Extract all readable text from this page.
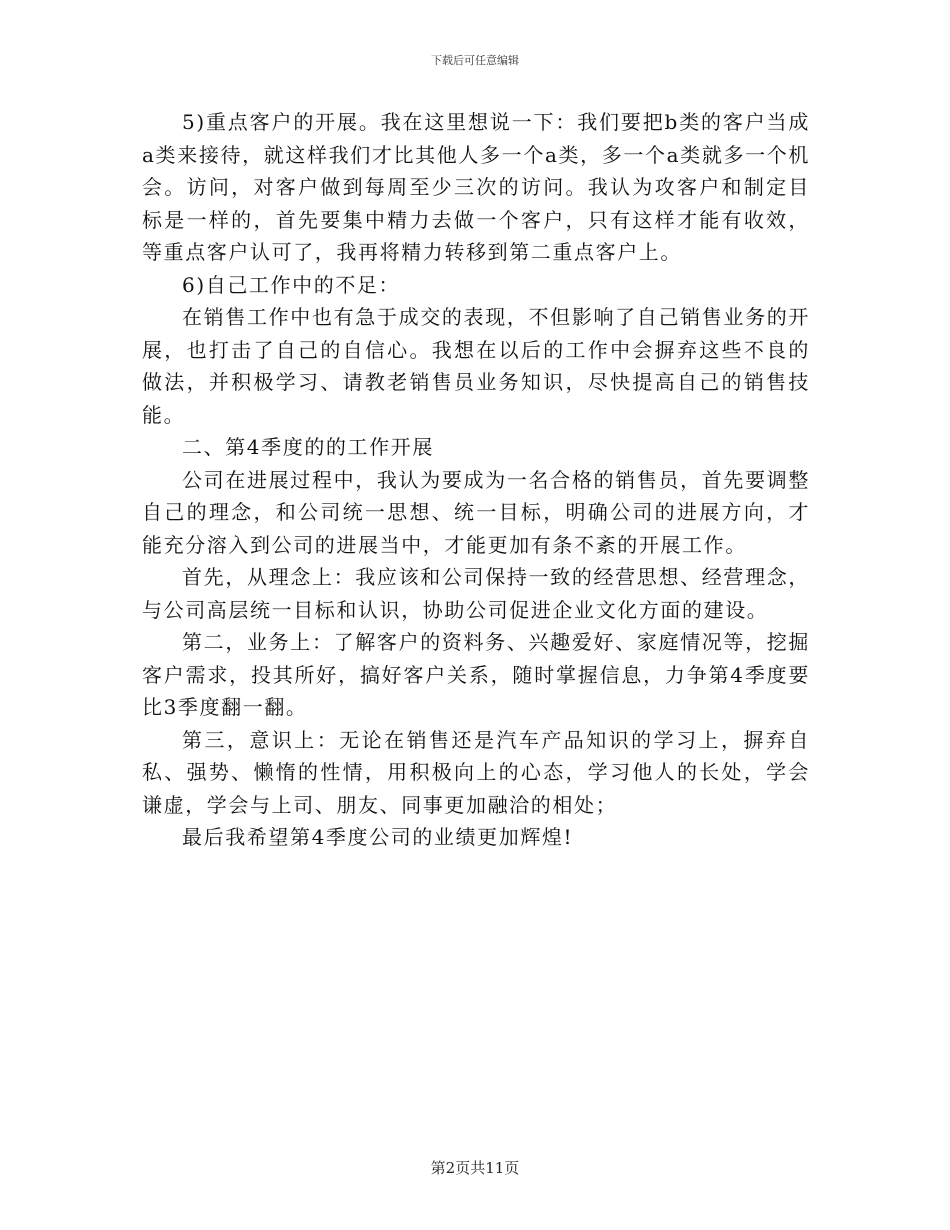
下载后可任意编辑

5)重点客户的开展。我在这里想说一下：我们要把b类的客户当成a类来接待，就这样我们才比其他人多一个a类，多一个a类就多一个机会。访问，对客户做到每周至少三次的访问。我认为攻客户和制定目标是一样的，首先要集中精力去做一个客户，只有这样才能有收效，等重点客户认可了，我再将精力转移到第二重点客户上。

6)自己工作中的不足：

在销售工作中也有急于成交的表现，不但影响了自己销售业务的开展，也打击了自己的自信心。我想在以后的工作中会摒弃这些不良的做法，并积极学习、请教老销售员业务知识，尽快提高自己的销售技能。

二、第4季度的的工作开展

公司在进展过程中，我认为要成为一名合格的销售员，首先要调整自己的理念，和公司统一思想、统一目标，明确公司的进展方向，才能充分溶入到公司的进展当中，才能更加有条不紊的开展工作。

首先，从理念上：我应该和公司保持一致的经营思想、经营理念，与公司高层统一目标和认识，协助公司促进企业文化方面的建设。

第二，业务上：了解客户的资料务、兴趣爱好、家庭情况等，挖掘客户需求，投其所好，搞好客户关系，随时掌握信息，力争第4季度要比3季度翻一翻。

第三，意识上：无论在销售还是汽车产品知识的学习上，摒弃自私、强势、懒惰的性情，用积极向上的心态，学习他人的长处，学会谦虚，学会与上司、朋友、同事更加融洽的相处；

最后我希望第4季度公司的业绩更加辉煌!

第2页共11页
